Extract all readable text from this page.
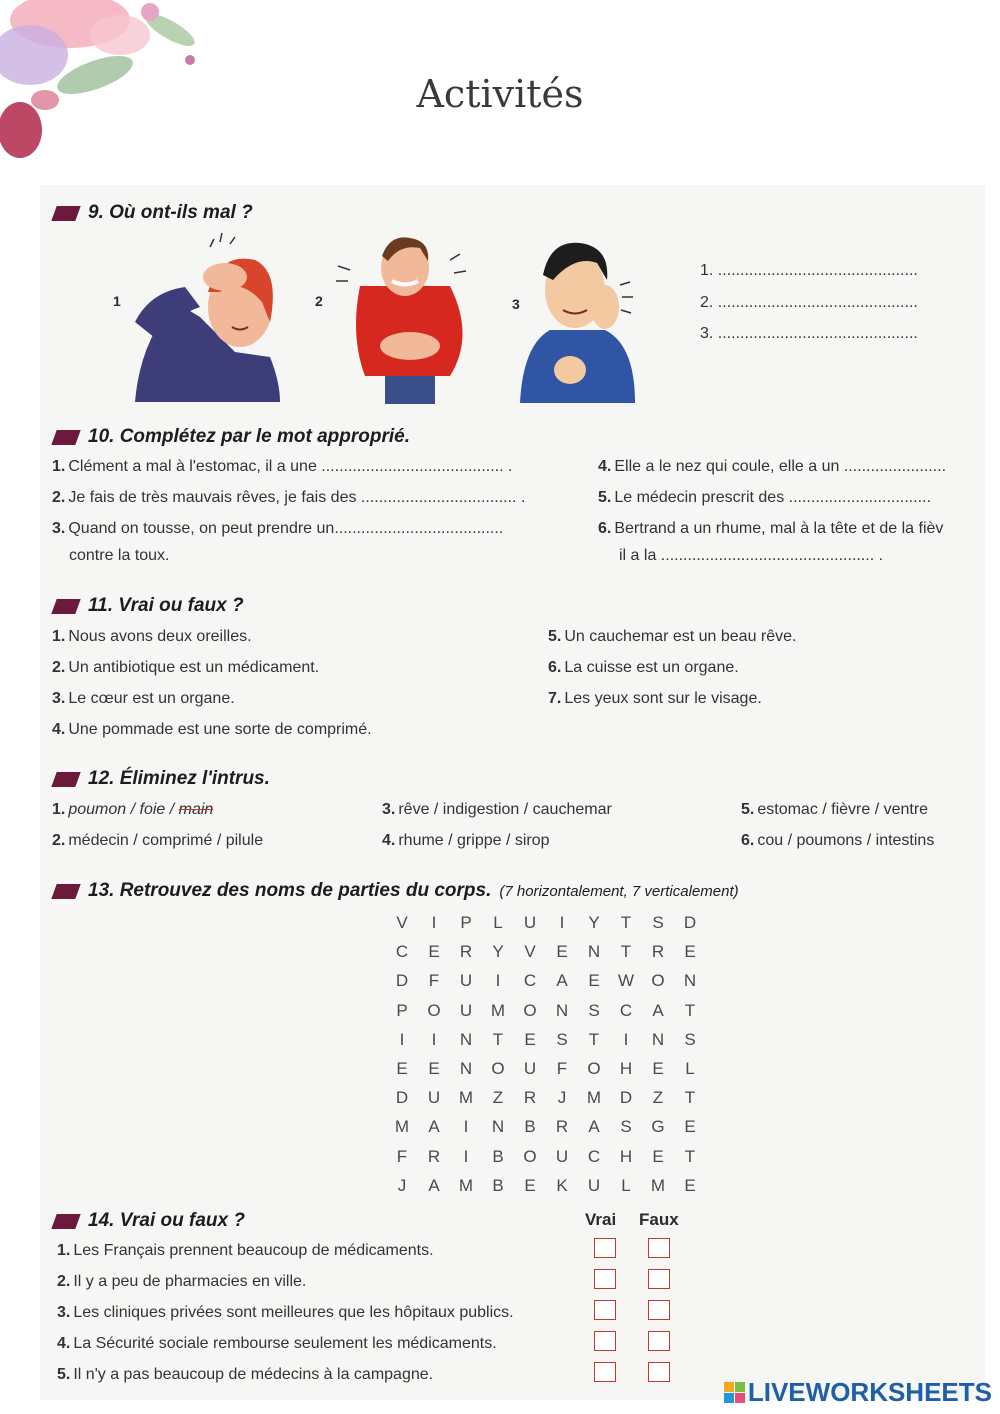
Activités
9. Où ont-ils mal ?
1	2	3
1. .............................................
2. .............................................
3. .............................................
10. Complétez par le mot approprié.
1. Clément a mal à l'estomac, il a une ......................................... .
2. Je fais de très mauvais rêves, je fais des ................................... .
3. Quand on tousse, on peut prendre un......................................
contre la toux.
4. Elle a le nez qui coule, elle a un .......................
5. Le médecin prescrit des ................................
6. Bertrand a un rhume, mal à la tête et de la fièv
il a la ................................................ .
11. Vrai ou faux ?
1. Nous avons deux oreilles.
2. Un antibiotique est un médicament.
3. Le cœur est un organe.
4. Une pommade est une sorte de comprimé.
5. Un cauchemar est un beau rêve.
6. La cuisse est un organe.
7. Les yeux sont sur le visage.
12. Éliminez l'intrus.
1. poumon / foie / main
2. médecin / comprimé / pilule
3. rêve / indigestion / cauchemar
4. rhume / grippe / sirop
5. estomac / fièvre / ventre
6. cou / poumons / intestins
13. Retrouvez des noms de parties du corps. (7 horizontalement, 7 verticalement)
V	I	P	L	U	I	Y	T	S	D
C	E	R	Y	V	E	N	T	R	E
D	F	U	I	C	A	E	W	O	N
P	O	U	M	O	N	S	C	A	T
I	I	N	T	E	S	T	I	N	S
E	E	N	O	U	F	O	H	E	L
D	U	M	Z	R	J	M	D	Z	T
M	A	I	N	B	R	A	S	G	E
F	R	I	B	O	U	C	H	E	T
J	A	M	B	E	K	U	L	M	E
14. Vrai ou faux ?	Vrai Faux
1. Les Français prennent beaucoup de médicaments.
2. Il y a peu de pharmacies en ville.
3. Les cliniques privées sont meilleures que les hôpitaux publics.
4. La Sécurité sociale rembourse seulement les médicaments.
5. Il n'y a pas beaucoup de médecins à la campagne.
LIVEWORKSHEETS
